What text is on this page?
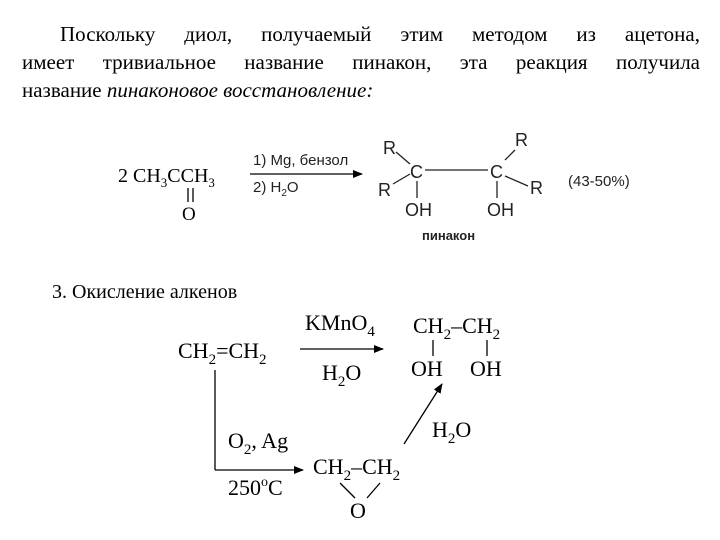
Поскольку диол, получаемый этим методом из ацетона,
имеет тривиальное название пинакон, эта реакция получила
название пинаконовое восстановление:
2 $CH_3CCH_3$
O
1) Mg, бензол
2) $H_2O$
R	R
C	C
R	R
OH	OH
(43-50%)
пинакон
3. Окисление алкенов
$CH_2=CH_2$
KMnO$_4$
$H_2O$
$CH_2-CH_2$
OH OH
$O_2$, Ag
250$^o$C
$CH_2-CH_2$
O
$H_2O$
